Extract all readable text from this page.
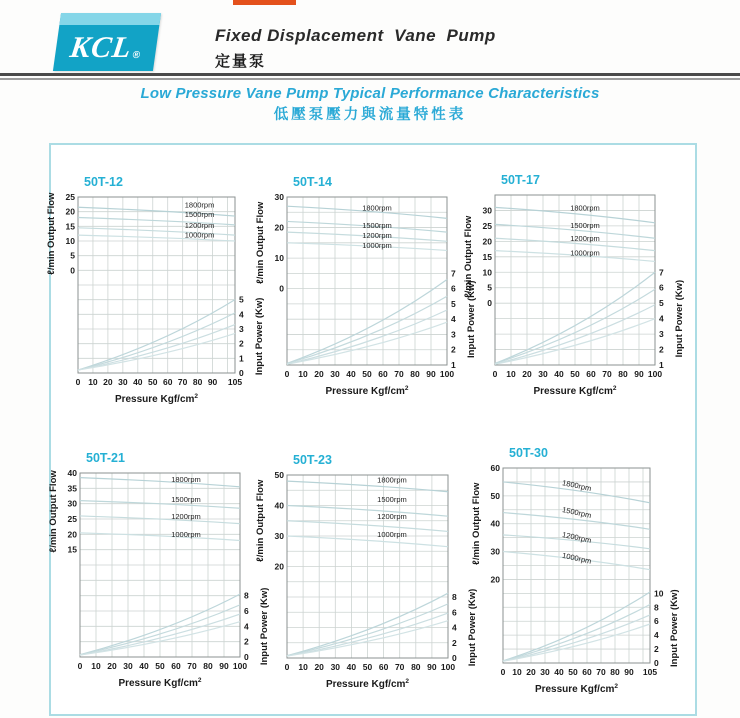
KCL
®
Fixed Displacement  Vane  Pump
定量泵
Low Pressure Vane Pump Typical Performance Characteristics
低壓泵壓力與流量特性表
50T-12
25
20
15
10
5
0
ℓ/min Output Flow
5
4
3
2
1
0 Input Power (Kw)
0 10 20 30 40 50 60 70 80 90 105
Pressure Kgf/$cm^2$
1800rpm
1500rpm
1200rpm
1000rpm
50T-14
30
20
10
0
ℓ/min Output Flow	7
6
5
4
3
2
1
Input Power (Kw)
0 10 20 30 40 50 60 70 80 90 100
Pressure Kgf/$cm^2$
1800rpm
1500rpm
1200rpm
1000rpm
50T-17
30
25
20
15
10
5
0
ℓ/min Output Flow	7
6
5
4
3
2
1
Input Power (Kw)
0 10 20 30 40 50 60 70 80 90 100
Pressure Kgf/$cm^2$
1800rpm
1500rpm
1200rpm
1000rpm
50T-21
40
35
30
25
20
15
ℓ/min Output Flow
8
6
4
2
0 Input Power (Kw)
0 10 20 30 40 50 60 70 80 90 100
Pressure Kgf/$cm^2$
1800rpm
1500rpm
1200rpm
1000rpm
50T-23
50
40
30
20
ℓ/min Output Flow
8
6
4
2
0 Input Power (Kw)
0 10 20 30 40 50 60 70 80 90 100
Pressure Kgf/$cm^2$
1800rpm
1500rpm
1200rpm
1000rpm
50T-30
60
50
40
30
20
ℓ/min Output Flow
10
8
6
4
2
0 Input Power (Kw)
0 10 20 30 40 50 60 70 80 90 105
Pressure Kgf/$cm^2$
1800rpm
1500rpm
1200rpm
1000rpm
